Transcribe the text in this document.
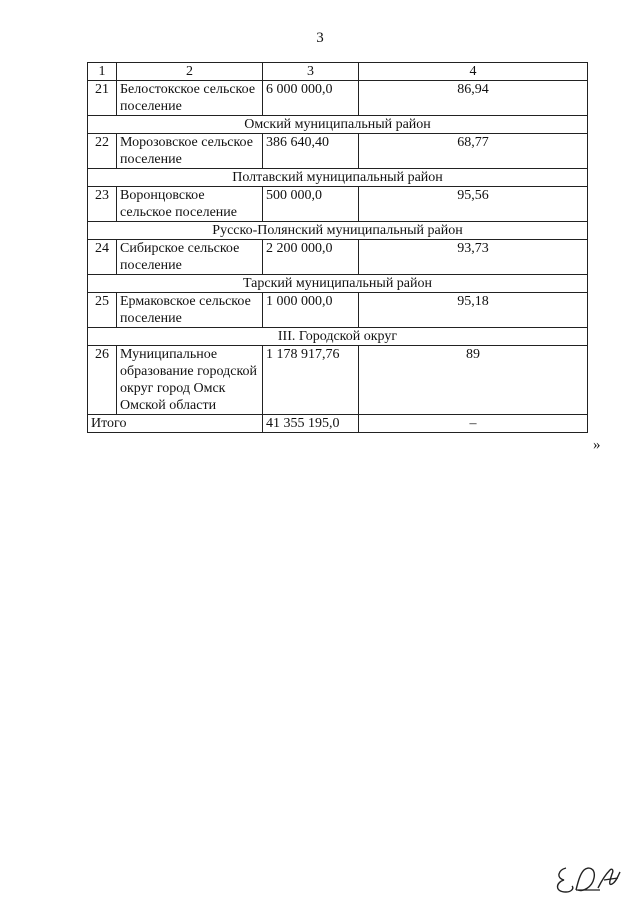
3
1	2	3	4
21	Белостокское сельское поселение	6 000 000,0	86,94
Омский муниципальный район			
22	Морозовское сельское поселение	386 640,40	68,77
Полтавский муниципальный район			
23	Воронцовское сельское поселение	500 000,0	95,56
Русско-Полянский муниципальный район			
24	Сибирское сельское поселение	2 200 000,0	93,73
Тарский муниципальный район			
25	Ермаковское сельское поселение	1 000 000,0	95,18
III. Городской округ			
26	Муниципальное образование городской округ город Омск Омской области	1 178 917,76	89
Итого		41 355 195,0	–
»
